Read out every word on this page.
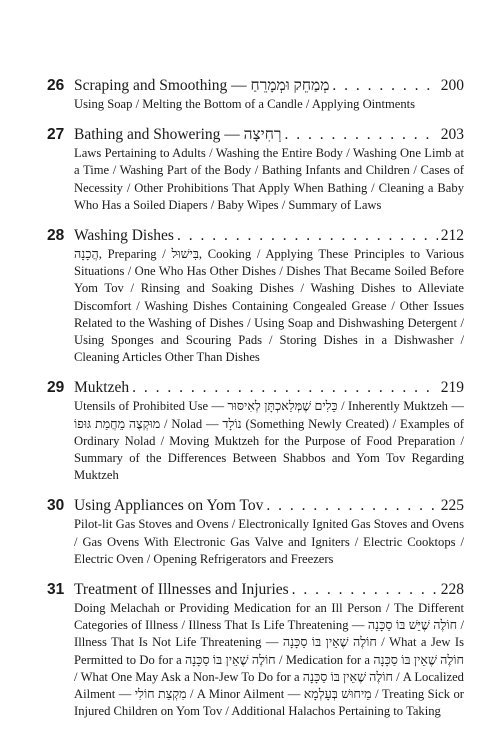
26 Scraping and Smoothing — מְמַחֵק וּמְמָרֵחַ . . .	200
Using Soap / Melting the Bottom of a Candle / Applying Ointments
27 Bathing and Showering — רְחִיצָה . . .	203
Laws Pertaining to Adults / Washing the Entire Body / Washing One Limb at a Time / Washing Part of the Body / Bathing Infants and Children / Cases of Necessity / Other Prohibitions That Apply When Bathing / Cleaning a Baby Who Has a Soiled Diapers / Baby Wipes / Summary of Laws
28 Washing Dishes . . .	212
הֲכָנָה, Preparing / בִּישׁוּל, Cooking / Applying These Principles to Various Situations / One Who Has Other Dishes / Dishes That Became Soiled Before Yom Tov / Rinsing and Soaking Dishes / Washing Dishes to Alleviate Discomfort / Washing Dishes Containing Congealed Grease / Other Issues Related to the Washing of Dishes / Using Soap and Dishwashing Detergent / Using Sponges and Scouring Pads / Storing Dishes in a Dishwasher / Cleaning Articles Other Than Dishes
29 Muktzeh . . .	219
Utensils of Prohibited Use — כֵּלִים שֶׁמְּלַאכְתָּן לְאִיסּוּר / Inherently Muktzeh — מוּקְצֶה מֵחֲמַת גּוּפוֹ / Nolad — נוֹלָד (Something Newly Created) / Examples of Ordinary Nolad / Moving Muktzeh for the Purpose of Food Preparation / Summary of the Differences Between Shabbos and Yom Tov Regarding Muktzeh
30 Using Appliances on Yom Tov . . .	225
Pilot-lit Gas Stoves and Ovens / Electronically Ignited Gas Stoves and Ovens / Gas Ovens With Electronic Gas Valve and Igniters / Electric Cooktops / Electric Oven / Opening Refrigerators and Freezers
31 Treatment of Illnesses and Injuries . . .	228
Doing Melachah or Providing Medication for an Ill Person / The Different Categories of Illness / Illness That Is Life Threatening — חוֹלֶה שֶׁיֵּשׁ בּוֹ סַכָּנָה / Illness That Is Not Life Threatening — חוֹלֶה שֶׁאֵין בּוֹ סַכָּנָה / What a Jew Is Permitted to Do for a חוֹלֶה שֶׁאֵין בּוֹ סַכָּנָה / Medication for a חוֹלֶה שֶׁאֵין בּוֹ סַכָּנָה / What One May Ask a Non-Jew To Do for a חוֹלֶה שֶׁאֵין בּוֹ סַכָּנָה / A Localized Ailment — מִקְצַת חוֹלִי / A Minor Ailment — מֵיחוּשׁ בְּעָלְמָא / Treating Sick or Injured Children on Yom Tov / Additional Halachos Pertaining to Taking
